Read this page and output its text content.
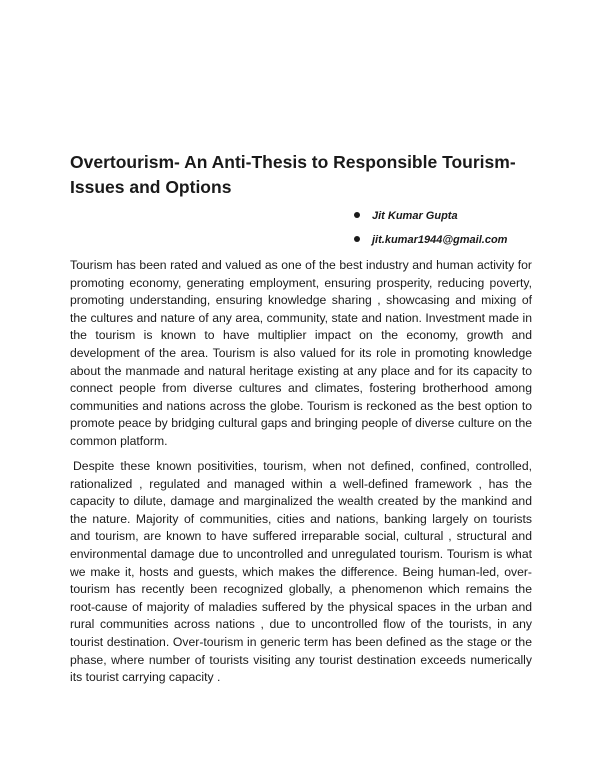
Overtourism- An Anti-Thesis to Responsible Tourism- Issues and Options
Jit Kumar Gupta
jit.kumar1944@gmail.com

Tourism has been rated and valued as one of the best industry and human activity for promoting economy, generating employment, ensuring prosperity, reducing poverty, promoting understanding, ensuring knowledge sharing , showcasing and mixing of the cultures and nature of any area, community, state and nation. Investment made in the tourism is known to have multiplier impact on the economy, growth and development of the area. Tourism is also valued for its role in promoting knowledge about the manmade and natural heritage existing at any place and for its capacity to connect people from diverse cultures and climates, fostering brotherhood among communities and nations across the globe. Tourism is reckoned as the best option to promote peace by bridging cultural gaps and bringing people of diverse culture on the common platform.

Despite these known positivities, tourism, when not defined, confined, controlled, rationalized , regulated and managed within a well-defined framework , has the capacity to dilute, damage and marginalized the wealth created by the mankind and the nature. Majority of communities, cities and nations, banking largely on tourists and tourism, are known to have suffered irreparable social, cultural , structural and environmental damage due to uncontrolled and unregulated tourism. Tourism is what we make it, hosts and guests, which makes the difference. Being human-led, over-tourism has recently been recognized globally, a phenomenon which remains the root-cause of majority of maladies suffered by the physical spaces in the urban and rural communities across nations , due to uncontrolled flow of the tourists, in any tourist destination. Over-tourism in generic term has been defined as the stage or the phase, where number of tourists visiting any tourist destination exceeds numerically its tourist carrying capacity .
